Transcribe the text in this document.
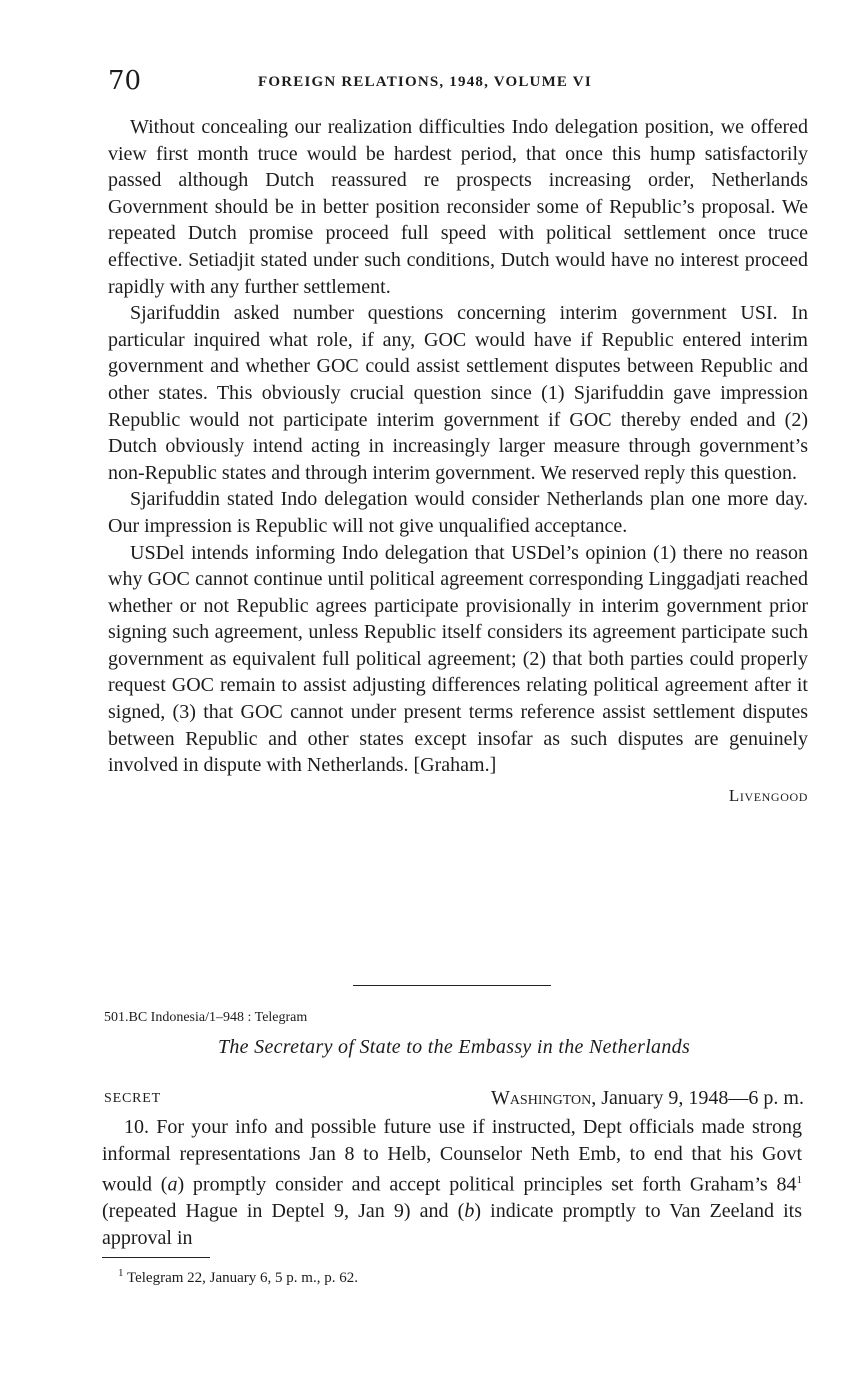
70	FOREIGN RELATIONS, 1948, VOLUME VI

Without concealing our realization difficulties Indo delegation position, we offered view first month truce would be hardest period, that once this hump satisfactorily passed although Dutch reassured re prospects increasing order, Netherlands Government should be in better position reconsider some of Republic’s proposal. We repeated Dutch promise proceed full speed with political settlement once truce effective. Setiadjit stated under such conditions, Dutch would have no interest proceed rapidly with any further settlement.

Sjarifuddin asked number questions concerning interim government USI. In particular inquired what role, if any, GOC would have if Republic entered interim government and whether GOC could assist settlement disputes between Republic and other states. This obviously crucial question since (1) Sjarifuddin gave impression Republic would not participate interim government if GOC thereby ended and (2) Dutch obviously intend acting in increasingly larger measure through government’s non-Republic states and through interim government. We reserved reply this question.

Sjarifuddin stated Indo delegation would consider Netherlands plan one more day. Our impression is Republic will not give unqualified acceptance.

USDel intends informing Indo delegation that USDel’s opinion (1) there no reason why GOC cannot continue until political agreement corresponding Linggadjati reached whether or not Republic agrees participate provisionally in interim government prior signing such agreement, unless Republic itself considers its agreement participate such government as equivalent full political agreement; (2) that both parties could properly request GOC remain to assist adjusting differences relating political agreement after it signed, (3) that GOC cannot under present terms reference assist settlement disputes between Republic and other states except insofar as such disputes are genuinely involved in dispute with Netherlands. [Graham.]

Livengood
501.BC Indonesia/1–948 : Telegram
The Secretary of State to the Embassy in the Netherlands
SECRET	Washington, January 9, 1948—6 p. m.

10. For your info and possible future use if instructed, Dept officials made strong informal representations Jan 8 to Helb, Counselor Neth Emb, to end that his Govt would (a) promptly consider and accept political principles set forth Graham’s $84^1$ (repeated Hague in Deptel 9, Jan 9) and (b) indicate promptly to Van Zeeland its approval in

$^1$ Telegram 22, January 6, 5 p. m., p. 62.
